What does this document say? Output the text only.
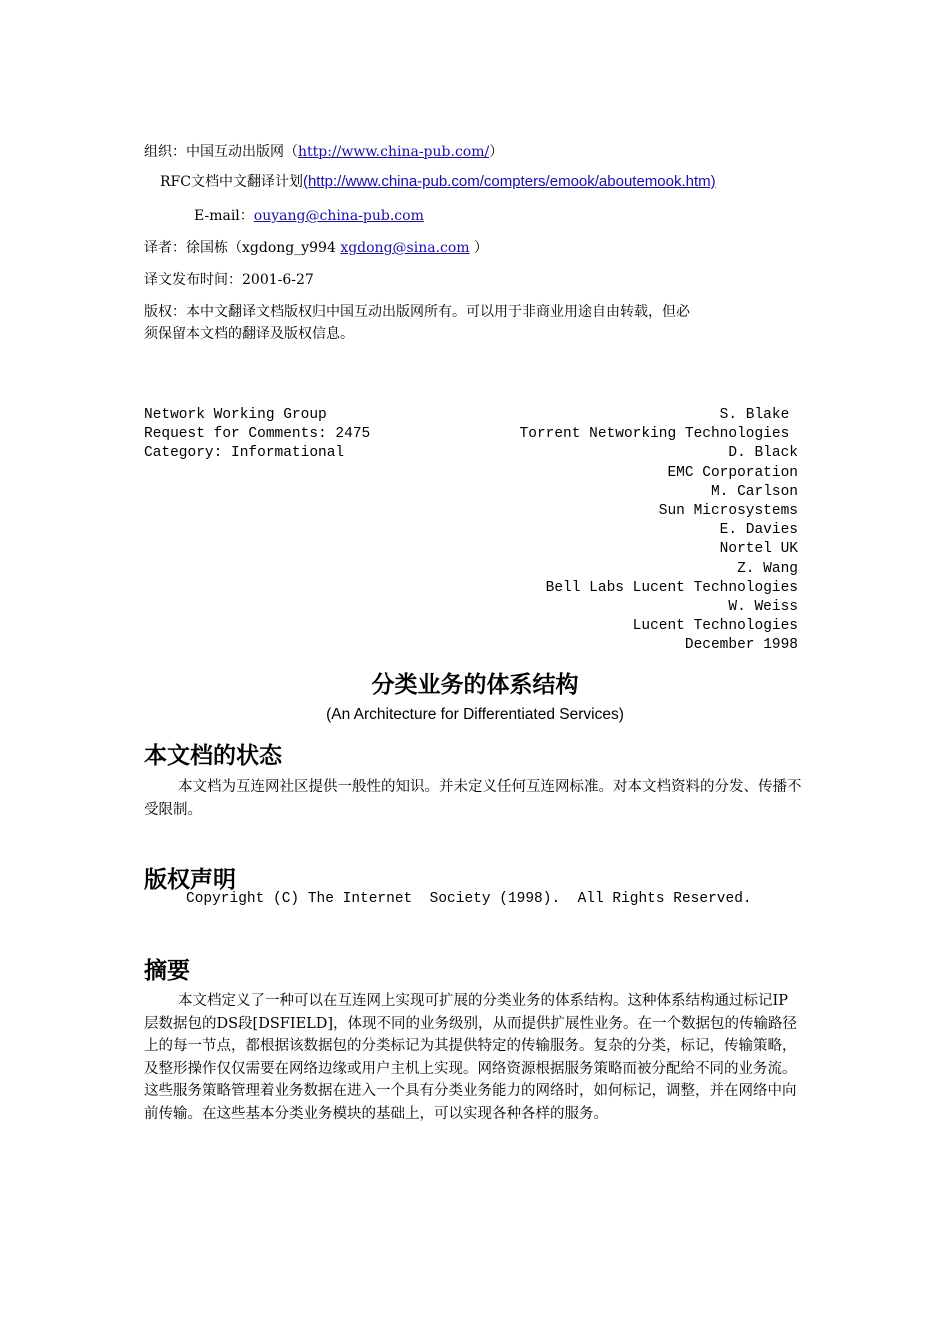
组织：中国互动出版网（http://www.china-pub.com/）
RFC文档中文翻译计划(http://www.china-pub.com/compters/emook/aboutemook.htm)
E-mail：ouyang@china-pub.com
译者：徐国栋（xgdong_y994 xgdong@sina.com ）
译文发布时间：2001-6-27
版权：本中文翻译文档版权归中国互动出版网所有。可以用于非商业用途自由转载，但必
须保留本文档的翻译及版权信息。
Network Working Group
Request for Comments: 2475
Category: Informational
S. Blake
Torrent Networking Technologies
D. Black
EMC Corporation
M. Carlson
Sun Microsystems
E. Davies
Nortel UK
Z. Wang
Bell Labs Lucent Technologies
W. Weiss
Lucent Technologies
December 1998
分类业务的体系结构
(An Architecture for Differentiated Services)
本文档的状态
本文档为互连网社区提供一般性的知识。并未定义任何互连网标准。对本文档资料的分发、传播不受限制。
版权声明
Copyright (C) The Internet  Society (1998).  All Rights Reserved.
摘要
本文档定义了一种可以在互连网上实现可扩展的分类业务的体系结构。这种体系结构通过标记IP 层数据包的DS段[DSFIELD]，体现不同的业务级别，从而提供扩展性业务。在一个数据包的传输路径上的每一节点，都根据该数据包的分类标记为其提供特定的传输服务。复杂的分类，标记，传输策略，及整形操作仅仅需要在网络边缘或用户主机上实现。网络资源根据服务策略而被分配给不同的业务流。这些服务策略管理着业务数据在进入一个具有分类业务能力的网络时，如何标记，调整，并在网络中向前传输。在这些基本分类业务模块的基础上，可以实现各种各样的服务。
